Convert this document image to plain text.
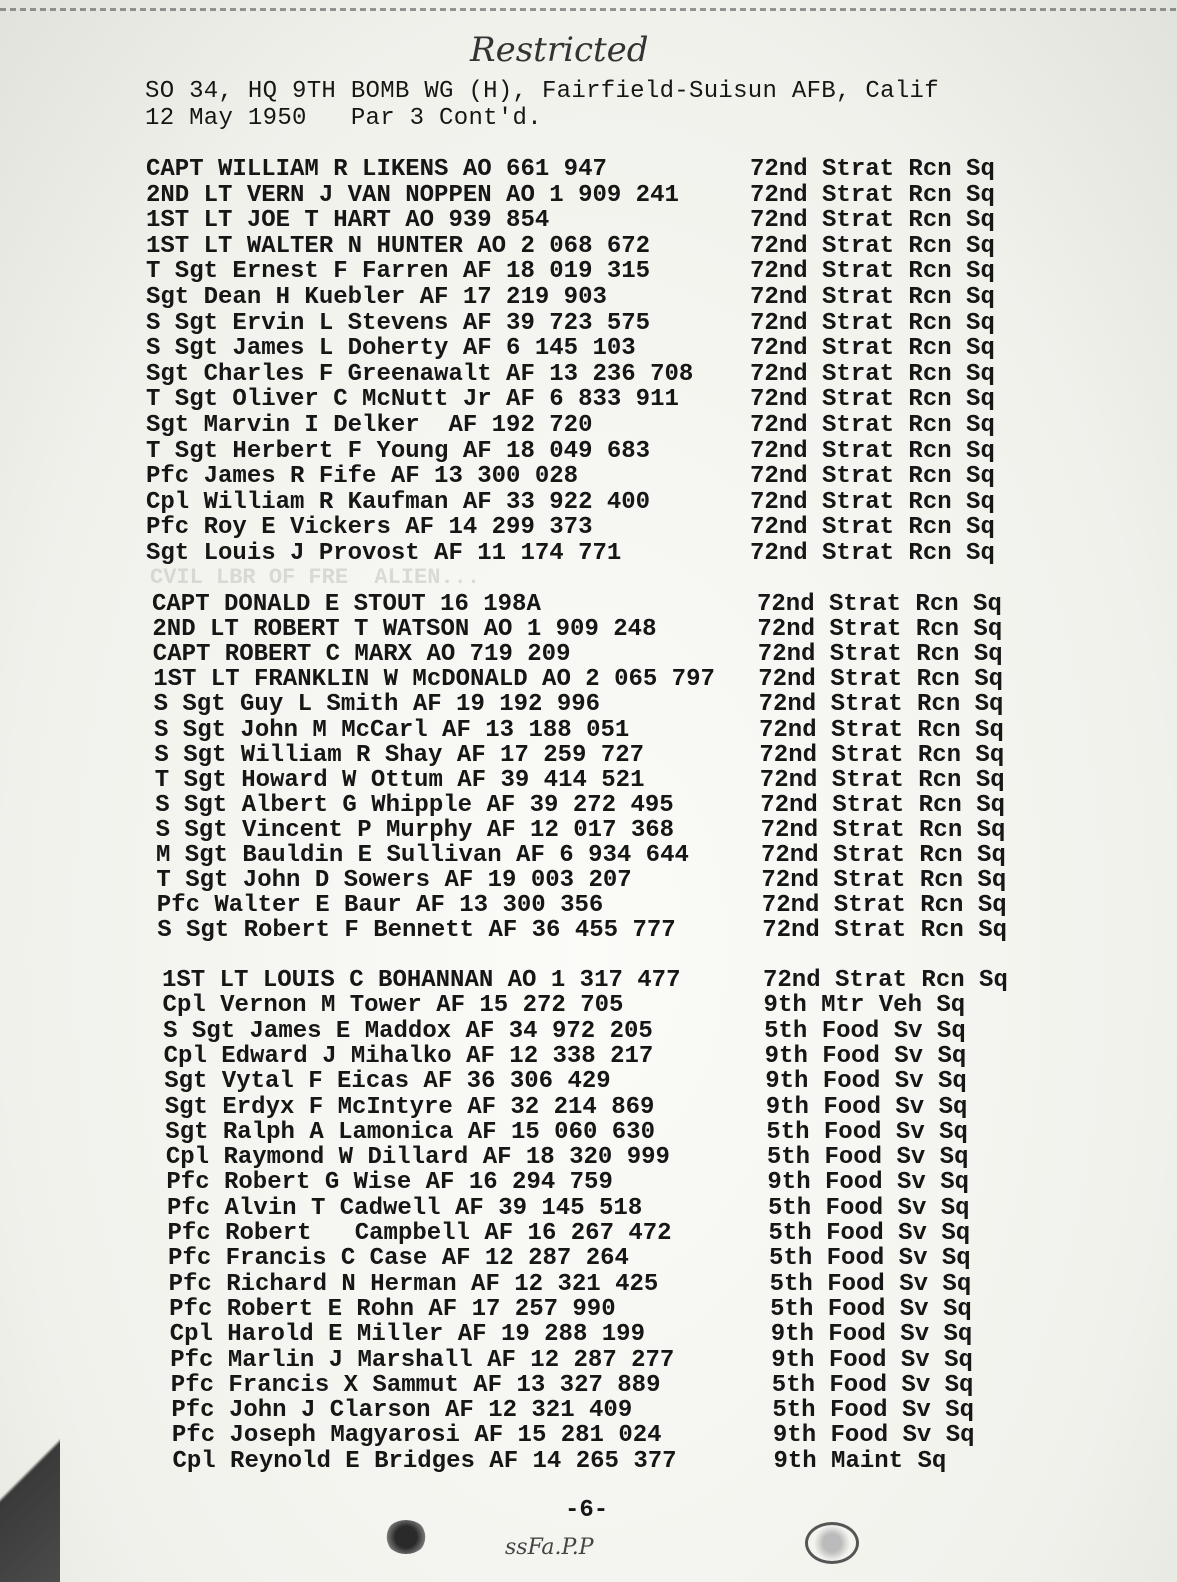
Restricted
SO 34, HQ 9TH BOMB WG (H), Fairfield-Suisun AFB, Calif
12 May 1950   Par 3 Cont'd.
CVIL LBR OF FRE  ALIEN...
CAPT WILLIAM R LIKENS AO 661 947	72nd Strat Rcn Sq
2ND LT VERN J VAN NOPPEN AO 1 909 241	72nd Strat Rcn Sq
1ST LT JOE T HART AO 939 854	72nd Strat Rcn Sq
1ST LT WALTER N HUNTER AO 2 068 672	72nd Strat Rcn Sq
T Sgt Ernest F Farren AF 18 019 315	72nd Strat Rcn Sq
Sgt Dean H Kuebler AF 17 219 903	72nd Strat Rcn Sq
S Sgt Ervin L Stevens AF 39 723 575	72nd Strat Rcn Sq
S Sgt James L Doherty AF 6 145 103	72nd Strat Rcn Sq
Sgt Charles F Greenawalt AF 13 236 708 72nd Strat Rcn Sq
T Sgt Oliver C McNutt Jr AF 6 833 911	72nd Strat Rcn Sq
Sgt Marvin I Delker  AF 192 720	72nd Strat Rcn Sq
T Sgt Herbert F Young AF 18 049 683	72nd Strat Rcn Sq
Pfc James R Fife AF 13 300 028	72nd Strat Rcn Sq
Cpl William R Kaufman AF 33 922 400	72nd Strat Rcn Sq
Pfc Roy E Vickers AF 14 299 373	72nd Strat Rcn Sq
Sgt Louis J Provost AF 11 174 771	72nd Strat Rcn Sq
CAPT DONALD E STOUT 16 198A	72nd Strat Rcn Sq
2ND LT ROBERT T WATSON AO 1 909 248	72nd Strat Rcn Sq
CAPT ROBERT C MARX AO 719 209	72nd Strat Rcn Sq
1ST LT FRANKLIN W McDONALD AO 2 065 797 72nd Strat Rcn Sq
S Sgt Guy L Smith AF 19 192 996	72nd Strat Rcn Sq
S Sgt John M McCarl AF 13 188 051	72nd Strat Rcn Sq
S Sgt William R Shay AF 17 259 727	72nd Strat Rcn Sq
T Sgt Howard W Ottum AF 39 414 521	72nd Strat Rcn Sq
S Sgt Albert G Whipple AF 39 272 495	72nd Strat Rcn Sq
S Sgt Vincent P Murphy AF 12 017 368	72nd Strat Rcn Sq
M Sgt Bauldin E Sullivan AF 6 934 644	72nd Strat Rcn Sq
T Sgt John D Sowers AF 19 003 207	72nd Strat Rcn Sq
Pfc Walter E Baur AF 13 300 356	72nd Strat Rcn Sq
S Sgt Robert F Bennett AF 36 455 777	72nd Strat Rcn Sq
1ST LT LOUIS C BOHANNAN AO 1 317 477	72nd Strat Rcn Sq
Cpl Vernon M Tower AF 15 272 705	9th Mtr Veh Sq
S Sgt James E Maddox AF 34 972 205	5th Food Sv Sq
Cpl Edward J Mihalko AF 12 338 217	9th Food Sv Sq
Sgt Vytal F Eicas AF 36 306 429	9th Food Sv Sq
Sgt Erdyx F McIntyre AF 32 214 869	9th Food Sv Sq
Sgt Ralph A Lamonica AF 15 060 630	5th Food Sv Sq
Cpl Raymond W Dillard AF 18 320 999	5th Food Sv Sq
Pfc Robert G Wise AF 16 294 759	9th Food Sv Sq
Pfc Alvin T Cadwell AF 39 145 518	5th Food Sv Sq
Pfc Robert   Campbell AF 16 267 472	5th Food Sv Sq
Pfc Francis C Case AF 12 287 264	5th Food Sv Sq
Pfc Richard N Herman AF 12 321 425	5th Food Sv Sq
Pfc Robert E Rohn AF 17 257 990	5th Food Sv Sq
Cpl Harold E Miller AF 19 288 199	9th Food Sv Sq
Pfc Marlin J Marshall AF 12 287 277	9th Food Sv Sq
Pfc Francis X Sammut AF 13 327 889	5th Food Sv Sq
Pfc John J Clarson AF 12 321 409	5th Food Sv Sq
Pfc Joseph Magyarosi AF 15 281 024	9th Food Sv Sq
Cpl Reynold E Bridges AF 14 265 377	9th Maint Sq
-6-
ssFa.P.P
